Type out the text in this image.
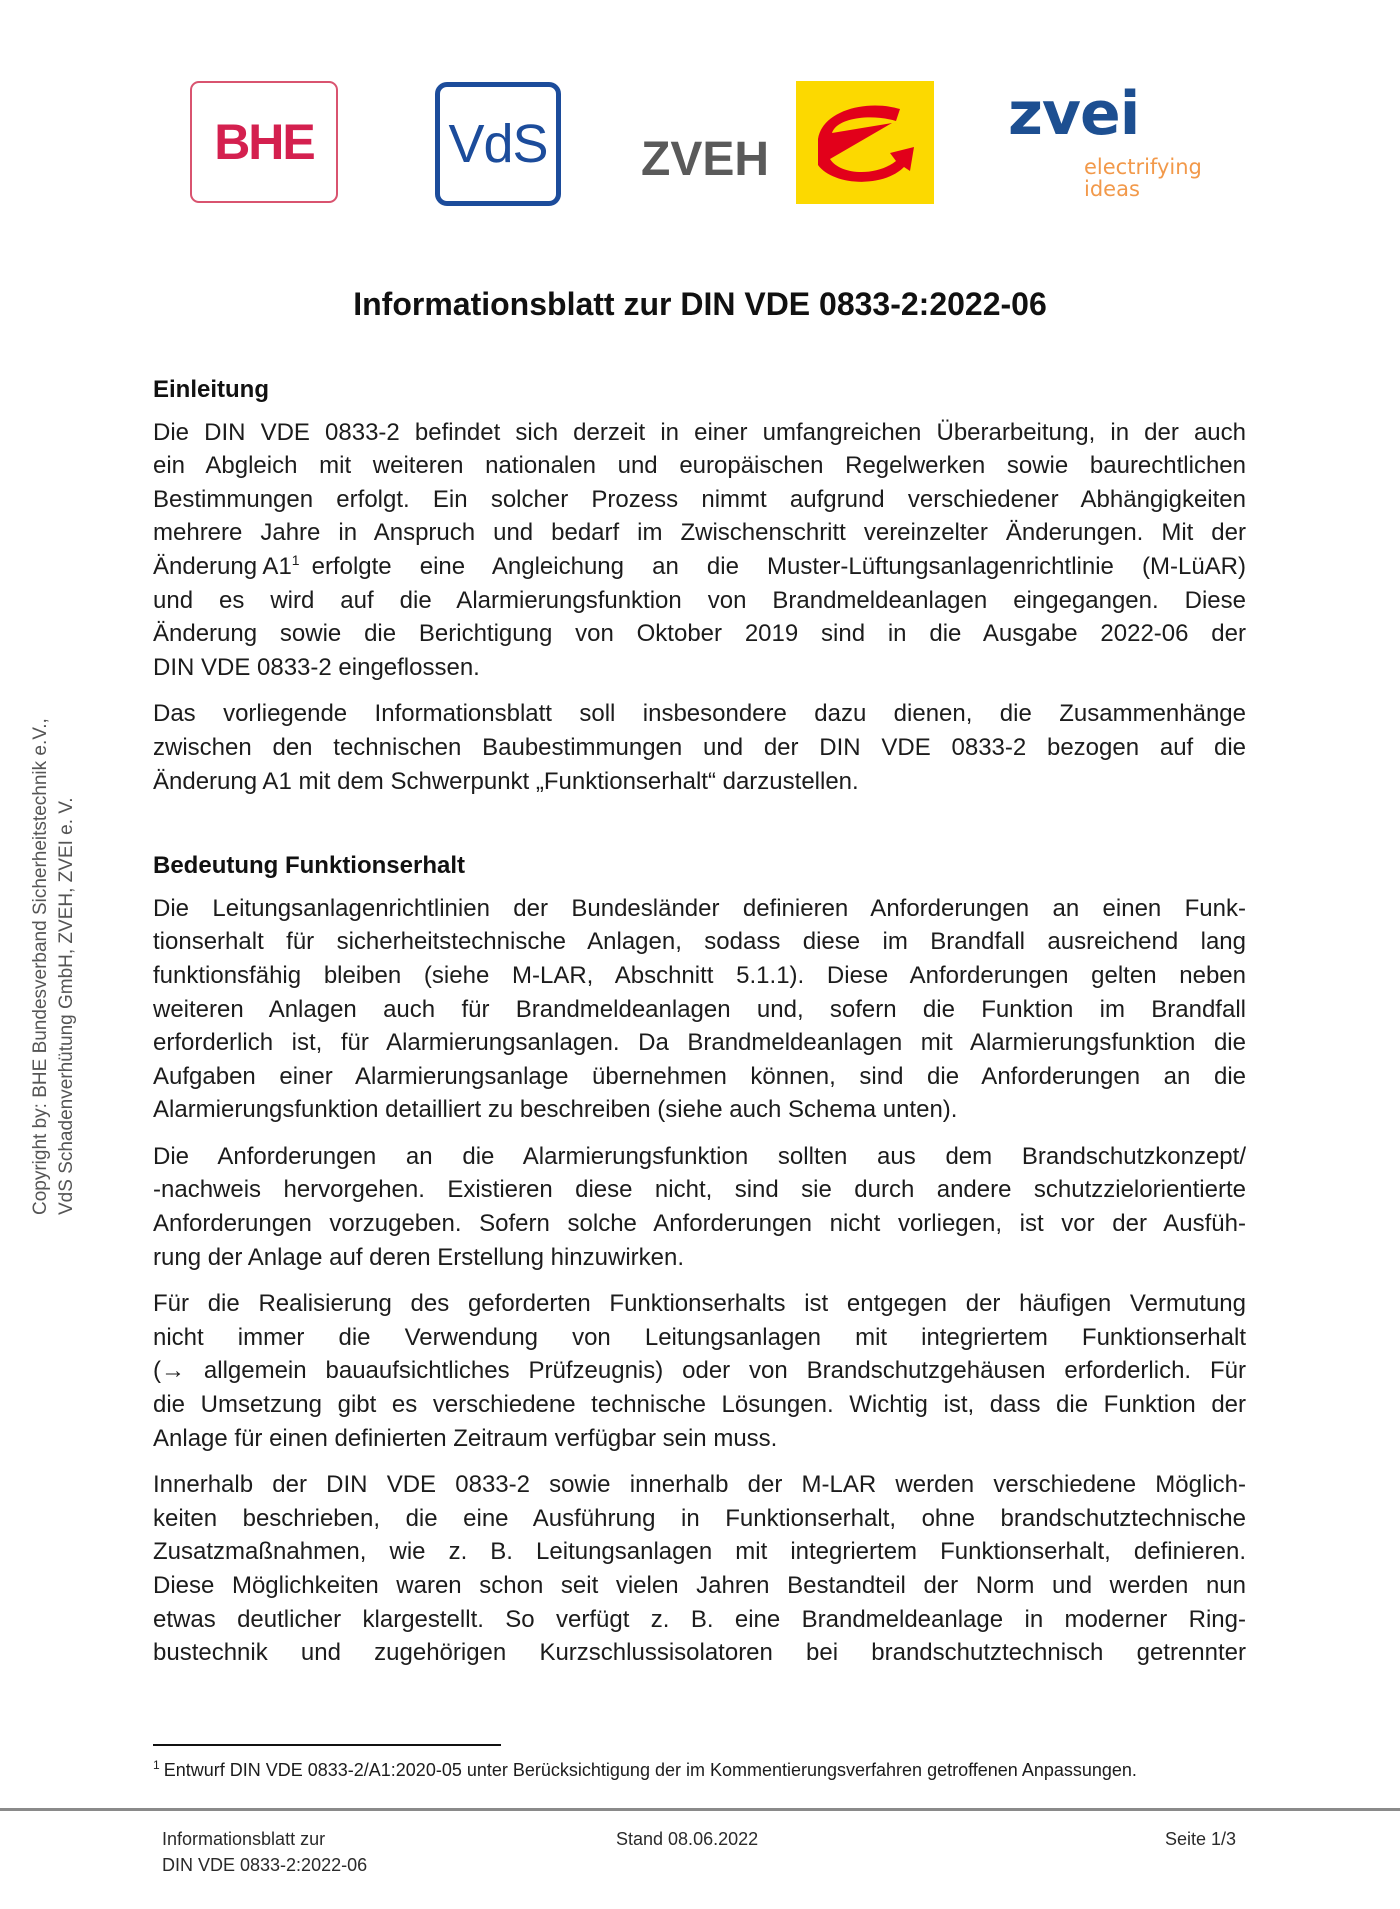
BHE VdS ZVEH
zvei
electrifying
ideas
Copyright by: BHE Bundesverband Sicherheitstechnik e.V., VdS Schadenverhütung GmbH, ZVEH, ZVEI e. V.
Informationsblatt zur DIN VDE 0833-2:2022-06
Einleitung
Die DIN VDE 0833-2 befindet sich derzeit in einer umfangreichen Überarbeitung, in der auch
ein Abgleich mit weiteren nationalen und europäischen Regelwerken sowie baurechtlichen
Bestimmungen erfolgt. Ein solcher Prozess nimmt aufgrund verschiedener Abhängigkeiten
mehrere Jahre in Anspruch und bedarf im Zwischenschritt vereinzelter Änderungen. Mit der
Änderung A1$^1$ erfolgte eine Angleichung an die Muster-Lüftungsanlagenrichtlinie (M-LüAR)
und es wird auf die Alarmierungsfunktion von Brandmeldeanlagen eingegangen. Diese
Änderung sowie die Berichtigung von Oktober 2019 sind in die Ausgabe 2022-06 der
DIN VDE 0833-2 eingeflossen.
Das vorliegende Informationsblatt soll insbesondere dazu dienen, die Zusammenhänge
zwischen den technischen Baubestimmungen und der DIN VDE 0833-2 bezogen auf die
Änderung A1 mit dem Schwerpunkt „Funktionserhalt“ darzustellen.
Bedeutung Funktionserhalt
Die Leitungsanlagenrichtlinien der Bundesländer definieren Anforderungen an einen Funk-
tionserhalt für sicherheitstechnische Anlagen, sodass diese im Brandfall ausreichend lang
funktionsfähig bleiben (siehe M-LAR, Abschnitt 5.1.1). Diese Anforderungen gelten neben
weiteren Anlagen auch für Brandmeldeanlagen und, sofern die Funktion im Brandfall
erforderlich ist, für Alarmierungsanlagen. Da Brandmeldeanlagen mit Alarmierungsfunktion die
Aufgaben einer Alarmierungsanlage übernehmen können, sind die Anforderungen an die
Alarmierungsfunktion detailliert zu beschreiben (siehe auch Schema unten).
Die Anforderungen an die Alarmierungsfunktion sollten aus dem Brandschutzkonzept/
-nachweis hervorgehen. Existieren diese nicht, sind sie durch andere schutzzielorientierte
Anforderungen vorzugeben. Sofern solche Anforderungen nicht vorliegen, ist vor der Ausfüh-
rung der Anlage auf deren Erstellung hinzuwirken.
Für die Realisierung des geforderten Funktionserhalts ist entgegen der häufigen Vermutung
nicht immer die Verwendung von Leitungsanlagen mit integriertem Funktionserhalt
(→ allgemein bauaufsichtliches Prüfzeugnis) oder von Brandschutzgehäusen erforderlich. Für
die Umsetzung gibt es verschiedene technische Lösungen. Wichtig ist, dass die Funktion der
Anlage für einen definierten Zeitraum verfügbar sein muss.
Innerhalb der DIN VDE 0833-2 sowie innerhalb der M-LAR werden verschiedene Möglich-
keiten beschrieben, die eine Ausführung in Funktionserhalt, ohne brandschutztechnische
Zusatzmaßnahmen, wie z. B. Leitungsanlagen mit integriertem Funktionserhalt, definieren.
Diese Möglichkeiten waren schon seit vielen Jahren Bestandteil der Norm und werden nun
etwas deutlicher klargestellt. So verfügt z. B. eine Brandmeldeanlage in moderner Ring-
bustechnik und zugehörigen Kurzschlussisolatoren bei brandschutztechnisch getrennter
$^1$ Entwurf DIN VDE 0833-2/A1:2020-05 unter Berücksichtigung der im Kommentierungsverfahren getroffenen Anpassungen.
Informationsblatt zur
DIN VDE 0833-2:2022-06
Stand 08.06.2022	Seite 1/3
